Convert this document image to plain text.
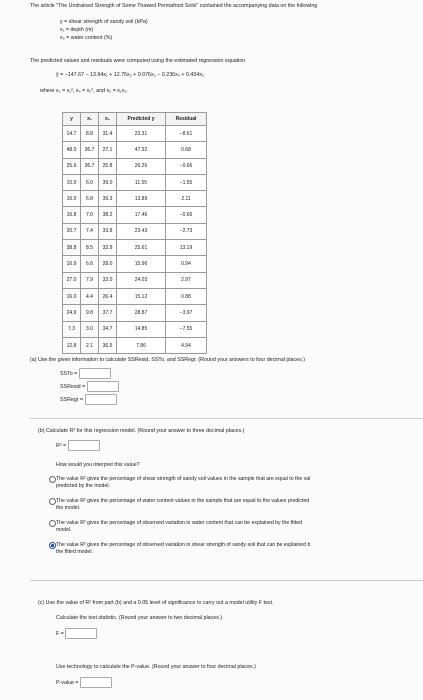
The article "The Undrained Strength of Some Thawed Permafrost Soils" contained the accompanying data on the following
y = shear strength of sandy soil (kPa)
x₁ = depth (m)
x₂ = water content (%)
The predicted values and residuals were computed using the estimated regression equation
ŷ = −147.67 − 13.94x₁ + 12.75x₂ + 0.076x₃ − 0.236x₄ + 0.434x₅
where x₃ = x₁², x₄ = x₂², and x₅ = x₁x₂.
y	x₁	x₂	Predicted y	Residual
14.7	8.8	31.4	23.31	−8.61
48.0	36.7	27.1	47.32	0.68
25.6	36.7	25.8	26.26	−0.66
10.0	6.0	39.0	11.55	−1.55
16.0	6.8	39.3	13.89	2.11
16.8	7.0	38.2	17.46	−0.66
20.7	7.4	33.8	23.43	−2.73
38.8	8.5	33.9	25.61	13.19
16.9	6.6	28.0	15.96	0.94
27.0	7.9	33.0	24.03	2.97
16.0	4.4	26.4	15.12	0.88
24.9	9.8	37.7	28.87	−3.97
7.3	3.0	34.7	14.85	−7.55
12.8	2.1	36.5	7.86	4.94
(a) Use the given information to calculate SSResid, SSTo, and SSRegr. (Round your answers to four decimal places.)
SSTo =
SSResid =
SSRegr =
(b) Calculate R² for this regression model. (Round your answer to three decimal places.)
R² =
How would you interpret this value?
The value R² gives the percentage of shear strength of sandy soil values in the sample that are equal to the val
predicted by the model.
The value R² gives the percentage of water content values in the sample that are equal to the values predicted
the model.
The value R² gives the percentage of observed variation in water content that can be explained by the fitted
model.
The value R² gives the percentage of observed variation in shear strength of sandy soil that can be explained b
the fitted model.
(c) Use the value of R² from part (b) and a 0.05 level of significance to carry out a model utility F test.
Calculate the test statistic. (Round your answer to two decimal places.)
F =
Use technology to calculate the P-value. (Round your answer to four decimal places.)
P-value =
